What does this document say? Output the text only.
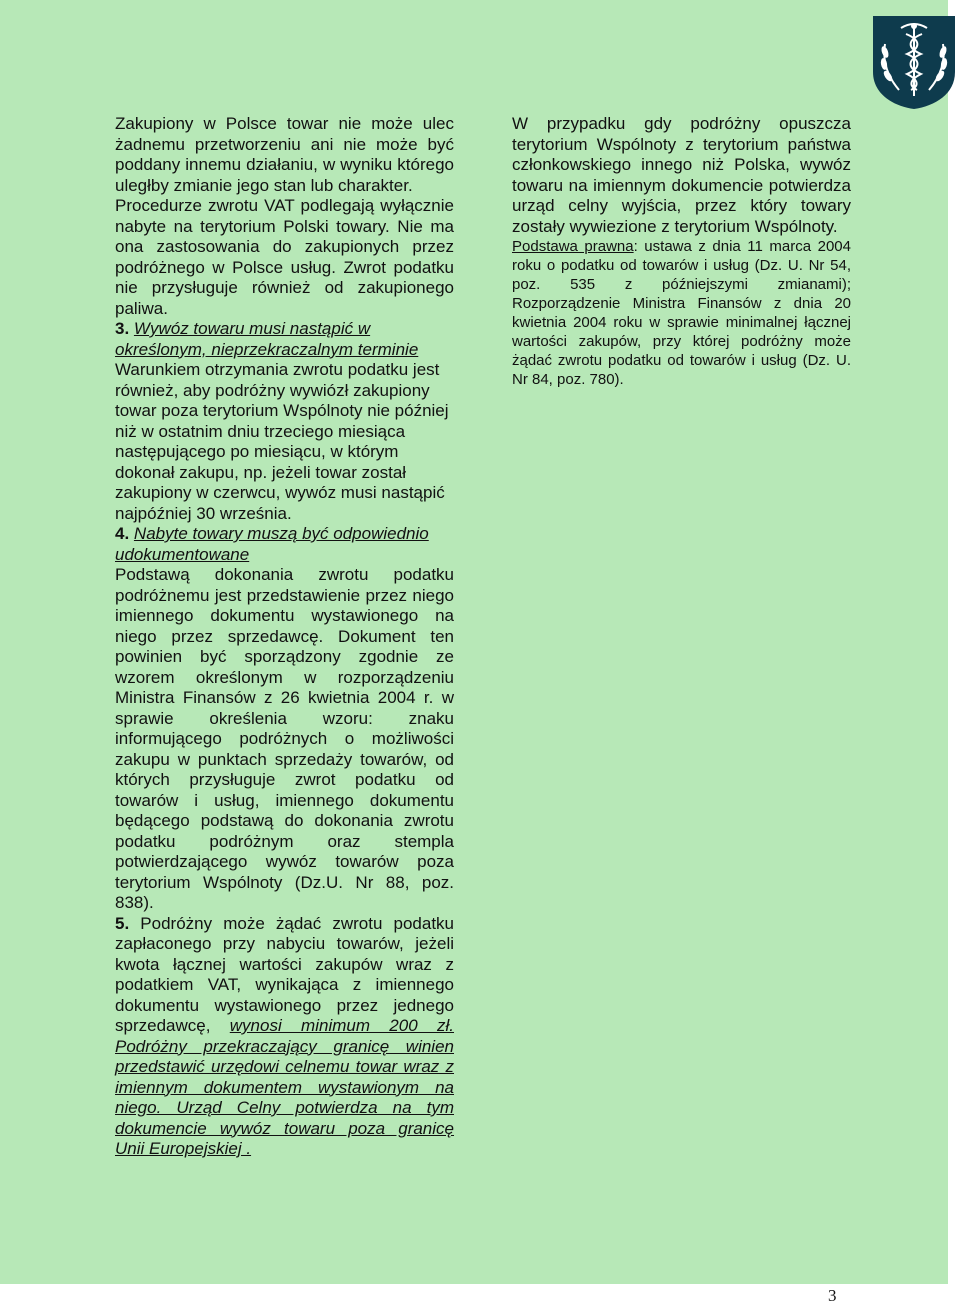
Zakupiony w Polsce towar nie może ulec żadnemu przetworzeniu ani nie może być poddany innemu działaniu, w wyniku którego uległby zmianie jego stan lub charakter.

Procedurze zwrotu VAT podlegają wyłącznie nabyte na terytorium Polski towary. Nie ma ona zastosowania do zakupionych przez podróżnego w Polsce usług. Zwrot podatku nie przysługuje również od zakupionego paliwa.

3. Wywóz towaru musi nastąpić w określonym, nieprzekraczalnym terminie

Warunkiem otrzymania zwrotu podatku jest również, aby podróżny wywiózł zakupiony towar poza terytorium Wspólnoty nie później niż w ostatnim dniu trzeciego miesiąca następującego po miesiącu, w którym dokonał zakupu, np. jeżeli towar został zakupiony w czerwcu, wywóz musi nastąpić najpóźniej 30 września.

4. Nabyte towary muszą być odpowiednio udokumentowane

Podstawą dokonania zwrotu podatku podróżnemu jest przedstawienie przez niego imiennego dokumentu wystawionego na niego przez sprzedawcę. Dokument ten powinien być sporządzony zgodnie ze wzorem określonym w rozporządzeniu Ministra Finansów z 26 kwietnia 2004 r. w sprawie określenia wzoru: znaku informującego podróżnych o możliwości zakupu w punktach sprzedaży towarów, od których przysługuje zwrot podatku od towarów i usług, imiennego dokumentu będącego podstawą do dokonania zwrotu podatku podróżnym oraz stempla potwierdzającego wywóz towarów poza terytorium Wspólnoty (Dz.U. Nr 88, poz. 838).

5. Podróżny może żądać zwrotu podatku zapłaconego przy nabyciu towarów, jeżeli kwota łącznej wartości zakupów wraz z podatkiem VAT, wynikająca z imiennego dokumentu wystawionego przez jednego sprzedawcę, wynosi minimum 200 zł. Podróżny przekraczający granicę winien przedstawić urzędowi celnemu towar wraz z imiennym dokumentem wystawionym na niego. Urząd Celny potwierdza na tym dokumencie wywóz towaru poza granicę Unii Europejskiej .

W przypadku gdy podróżny opuszcza terytorium Wspólnoty z terytorium państwa członkowskiego innego niż Polska, wywóz towaru na imiennym dokumencie potwierdza urząd celny wyjścia, przez który towary zostały wywiezione z terytorium Wspólnoty.

Podstawa prawna: ustawa z dnia 11 marca 2004 roku o podatku od towarów i usług (Dz. U. Nr 54, poz. 535 z późniejszymi zmianami); Rozporządzenie Ministra Finansów z dnia 20 kwietnia 2004 roku w sprawie minimalnej łącznej wartości zakupów, przy której podróżny może żądać zwrotu podatku od towarów i usług (Dz. U. Nr 84, poz. 780).

3
